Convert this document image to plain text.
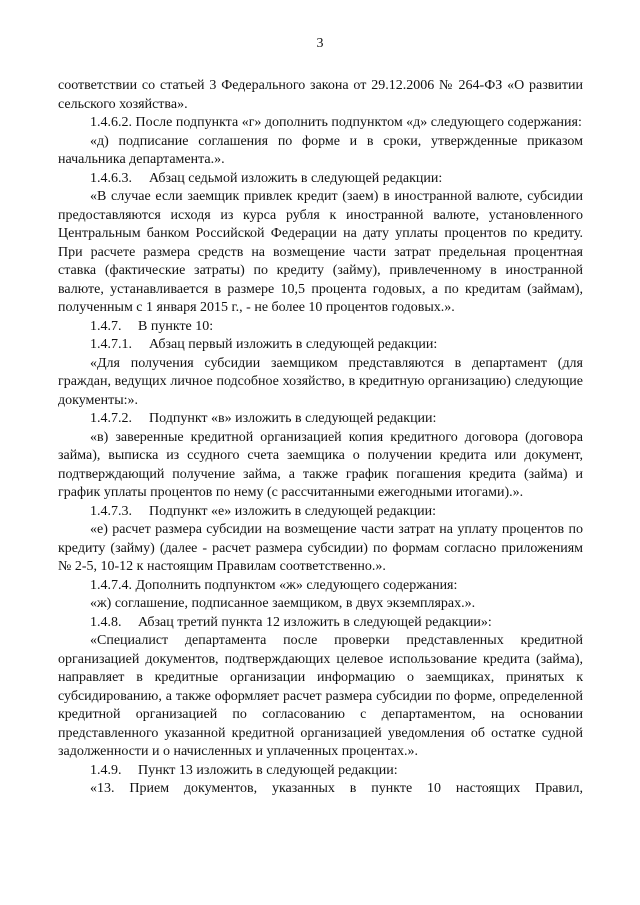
3

соответствии со статьей 3 Федерального закона от 29.12.2006 № 264-ФЗ «О развитии сельского хозяйства».

1.4.6.2. После подпункта «г» дополнить подпунктом «д» следующего содержания:

«д) подписание соглашения по форме и в сроки, утвержденные приказом начальника департамента.».

1.4.6.3. Абзац седьмой изложить в следующей редакции:

«В случае если заемщик привлек кредит (заем) в иностранной валюте, субсидии предоставляются исходя из курса рубля к иностранной валюте, установленного Центральным банком Российской Федерации на дату уплаты процентов по кредиту. При расчете размера средств на возмещение части затрат предельная процентная ставка (фактические затраты) по кредиту (займу), привлеченному в иностранной валюте, устанавливается в размере 10,5 процента годовых, а по кредитам (займам), полученным с 1 января 2015 г., - не более 10 процентов годовых.».

1.4.7. В пункте 10:

1.4.7.1. Абзац первый изложить в следующей редакции:

«Для получения субсидии заемщиком представляются в департамент (для граждан, ведущих личное подсобное хозяйство, в кредитную организацию) следующие документы:».

1.4.7.2. Подпункт «в» изложить в следующей редакции:

«в) заверенные кредитной организацией копия кредитного договора (договора займа), выписка из ссудного счета заемщика о получении кредита или документ, подтверждающий получение займа, а также график погашения кредита (займа) и график уплаты процентов по нему (с рассчитанными ежегодными итогами).».

1.4.7.3. Подпункт «е» изложить в следующей редакции:

«е) расчет размера субсидии на возмещение части затрат на уплату процентов по кредиту (займу) (далее - расчет размера субсидии) по формам согласно приложениям № 2-5, 10-12 к настоящим Правилам соответственно.».

1.4.7.4. Дополнить подпунктом «ж» следующего содержания:

«ж) соглашение, подписанное заемщиком, в двух экземплярах.».

1.4.8. Абзац третий пункта 12 изложить в следующей редакции»:

«Специалист департамента после проверки представленных кредитной организацией документов, подтверждающих целевое использование кредита (займа), направляет в кредитные организации информацию о заемщиках, принятых к субсидированию, а также оформляет расчет размера субсидии по форме, определенной кредитной организацией по согласованию с департаментом, на основании представленного указанной кредитной организацией уведомления об остатке судной задолженности и о начисленных и уплаченных процентах.».

1.4.9. Пункт 13 изложить в следующей редакции:

«13. Прием документов, указанных в пункте 10 настоящих Правил,
